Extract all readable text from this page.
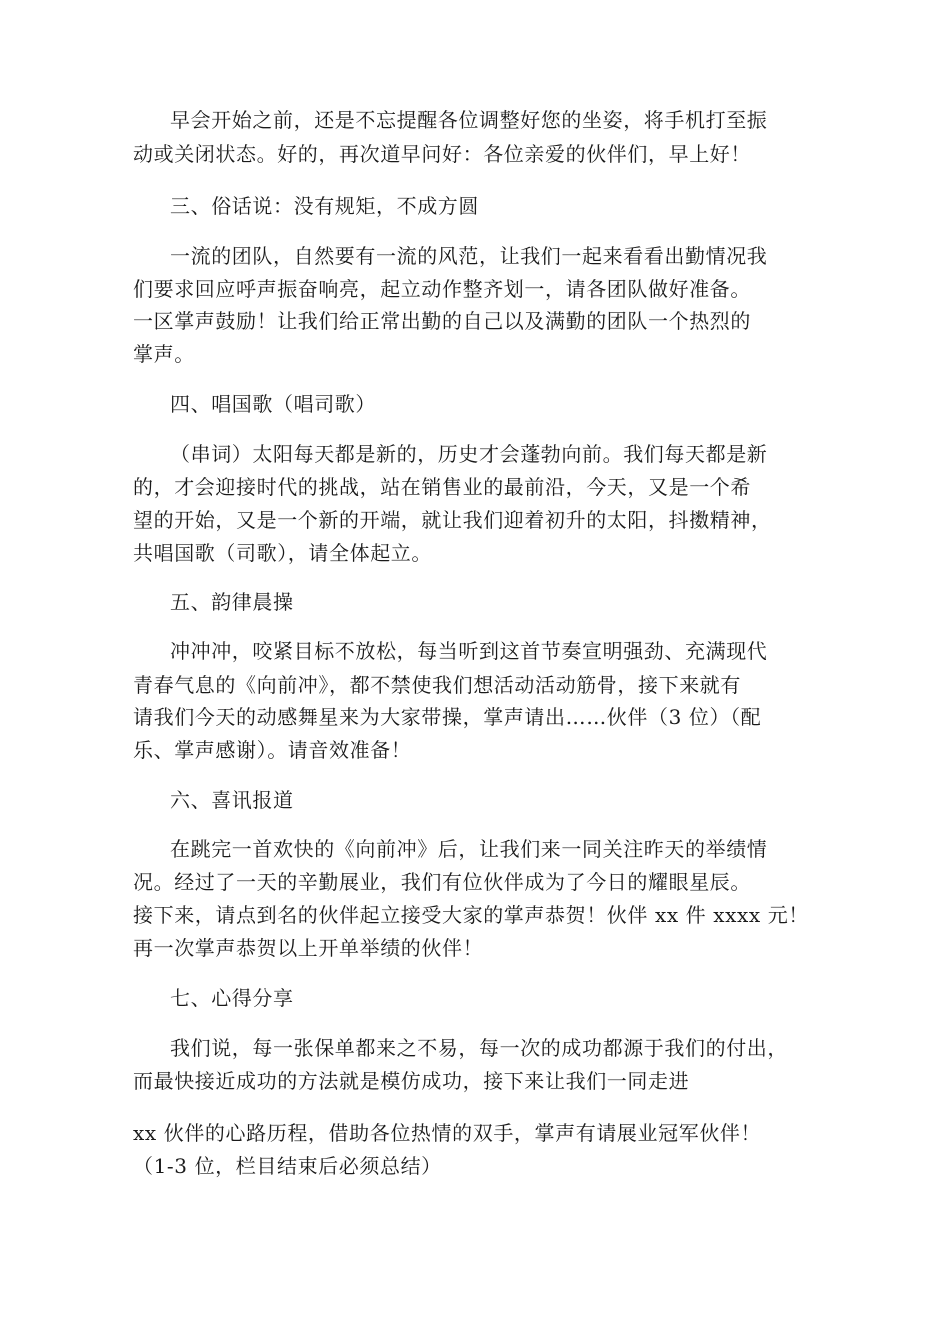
早会开始之前，还是不忘提醒各位调整好您的坐姿，将手机打至振
动或关闭状态。好的，再次道早问好：各位亲爱的伙伴们，早上好！
三、俗话说：没有规矩，不成方圆
一流的团队，自然要有一流的风范，让我们一起来看看出勤情况我
们要求回应呼声振奋响亮，起立动作整齐划一，请各团队做好准备。
一区掌声鼓励！让我们给正常出勤的自己以及满勤的团队一个热烈的
掌声。
四、唱国歌（唱司歌）
（串词）太阳每天都是新的，历史才会蓬勃向前。我们每天都是新
的，才会迎接时代的挑战，站在销售业的最前沿，今天，又是一个希
望的开始，又是一个新的开端，就让我们迎着初升的太阳，抖擞精神，
共唱国歌（司歌），请全体起立。
五、韵律晨操
冲冲冲，咬紧目标不放松，每当听到这首节奏宣明强劲、充满现代
青春气息的《向前冲》，都不禁使我们想活动活动筋骨，接下来就有
请我们今天的动感舞星来为大家带操，掌声请出……伙伴（3 位）（配
乐、掌声感谢）。请音效准备！
六、喜讯报道
在跳完一首欢快的《向前冲》后，让我们来一同关注昨天的举绩情
况。经过了一天的辛勤展业，我们有位伙伴成为了今日的耀眼星辰。
接下来，请点到名的伙伴起立接受大家的掌声恭贺！伙伴 xx 件 xxxx 元！
再一次掌声恭贺以上开单举绩的伙伴！
七、心得分享
我们说，每一张保单都来之不易，每一次的成功都源于我们的付出，
而最快接近成功的方法就是模仿成功，接下来让我们一同走进
xx 伙伴的心路历程，借助各位热情的双手，掌声有请展业冠军伙伴！
（1-3 位，栏目结束后必须总结）
